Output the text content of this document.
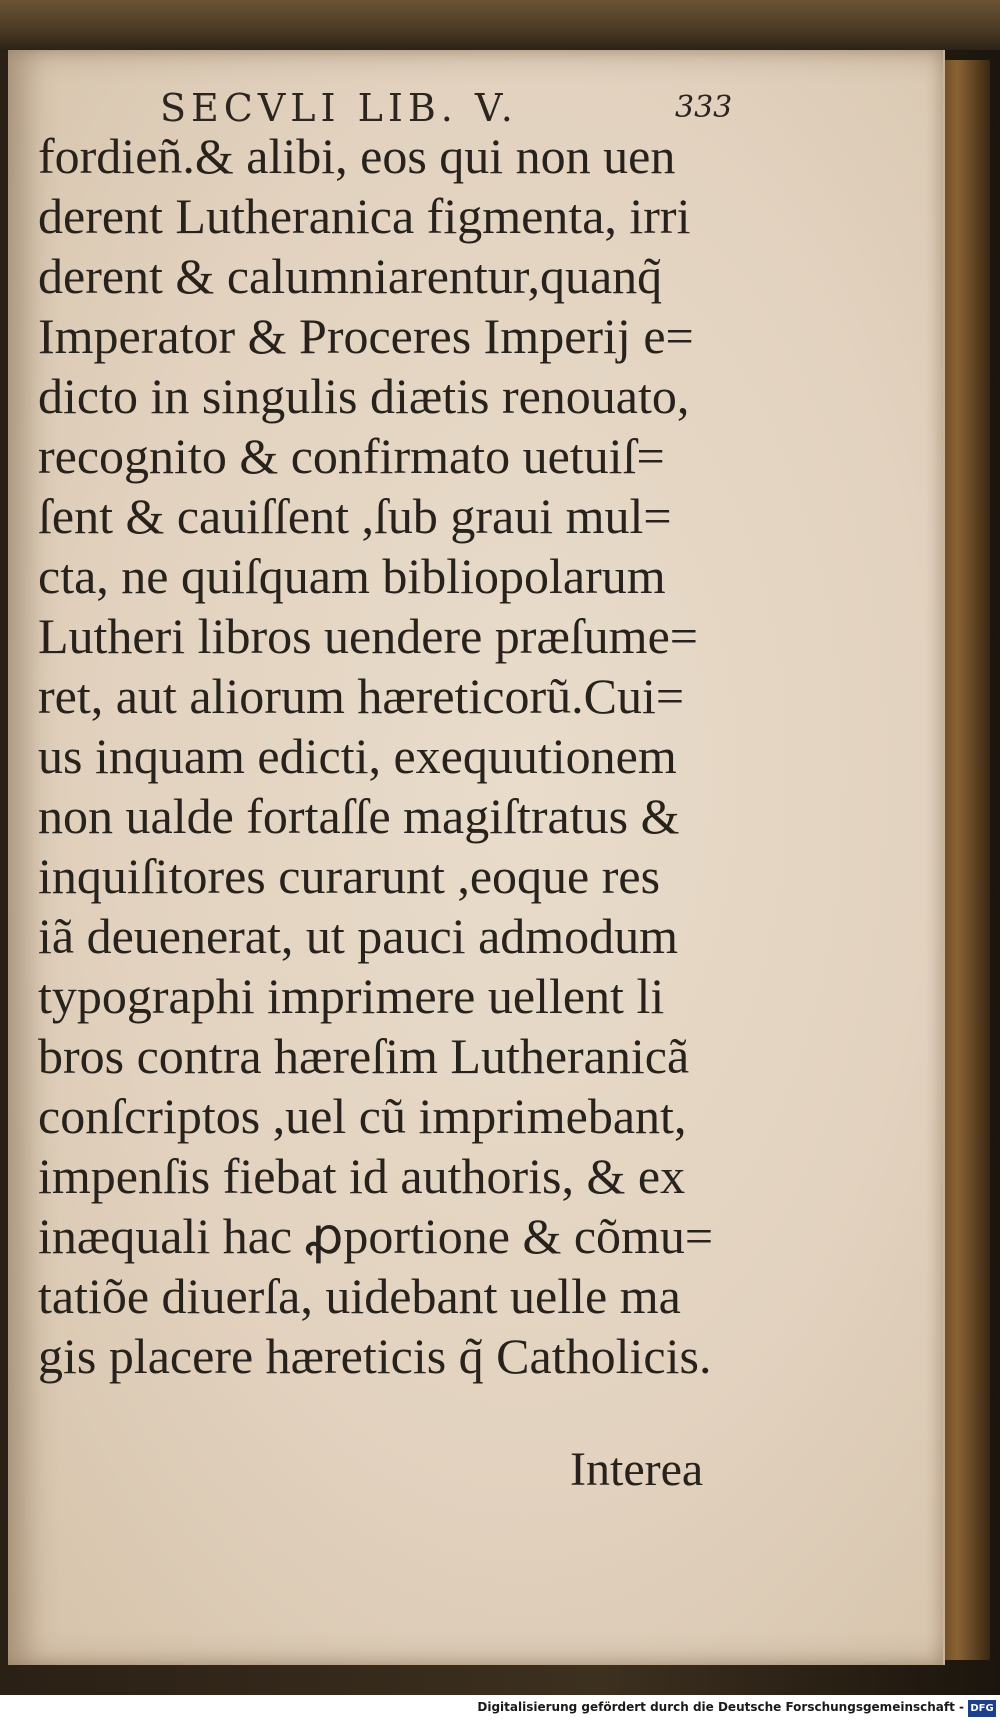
SECVLI LIB. V.	333
fordieñ.& alibi, eos qui non uen
derent Lutheranica figmenta, irri
derent & calumniarentur,quanq̃
Imperator & Proceres Imperij e=
dicto in singulis diætis renouato,
recognito & confirmato uetuiſ=
ſent & cauiſſent ,ſub graui mul=
cta, ne quiſquam bibliopolarum
Lutheri libros uendere præſume=
ret, aut aliorum hæreticorũ.Cui=
us inquam edicti, exequutionem
non ualde fortaſſe magiſtratus &
inquiſitores curarunt ,eoque res
iã deuenerat, ut pauci admodum
typographi imprimere uellent li
bros contra hæreſim Lutheranicã
conſcriptos ,uel cũ imprimebant,
impenſis fiebat id authoris, & ex
inæquali hac ꝓportione & cõmu=
tatiõe diuerſa, uidebant uelle ma
gis placere hæreticis q̃ Catholicis.
Interea
Digitalisierung gefördert durch die Deutsche Forschungsgemeinschaft - DFG
